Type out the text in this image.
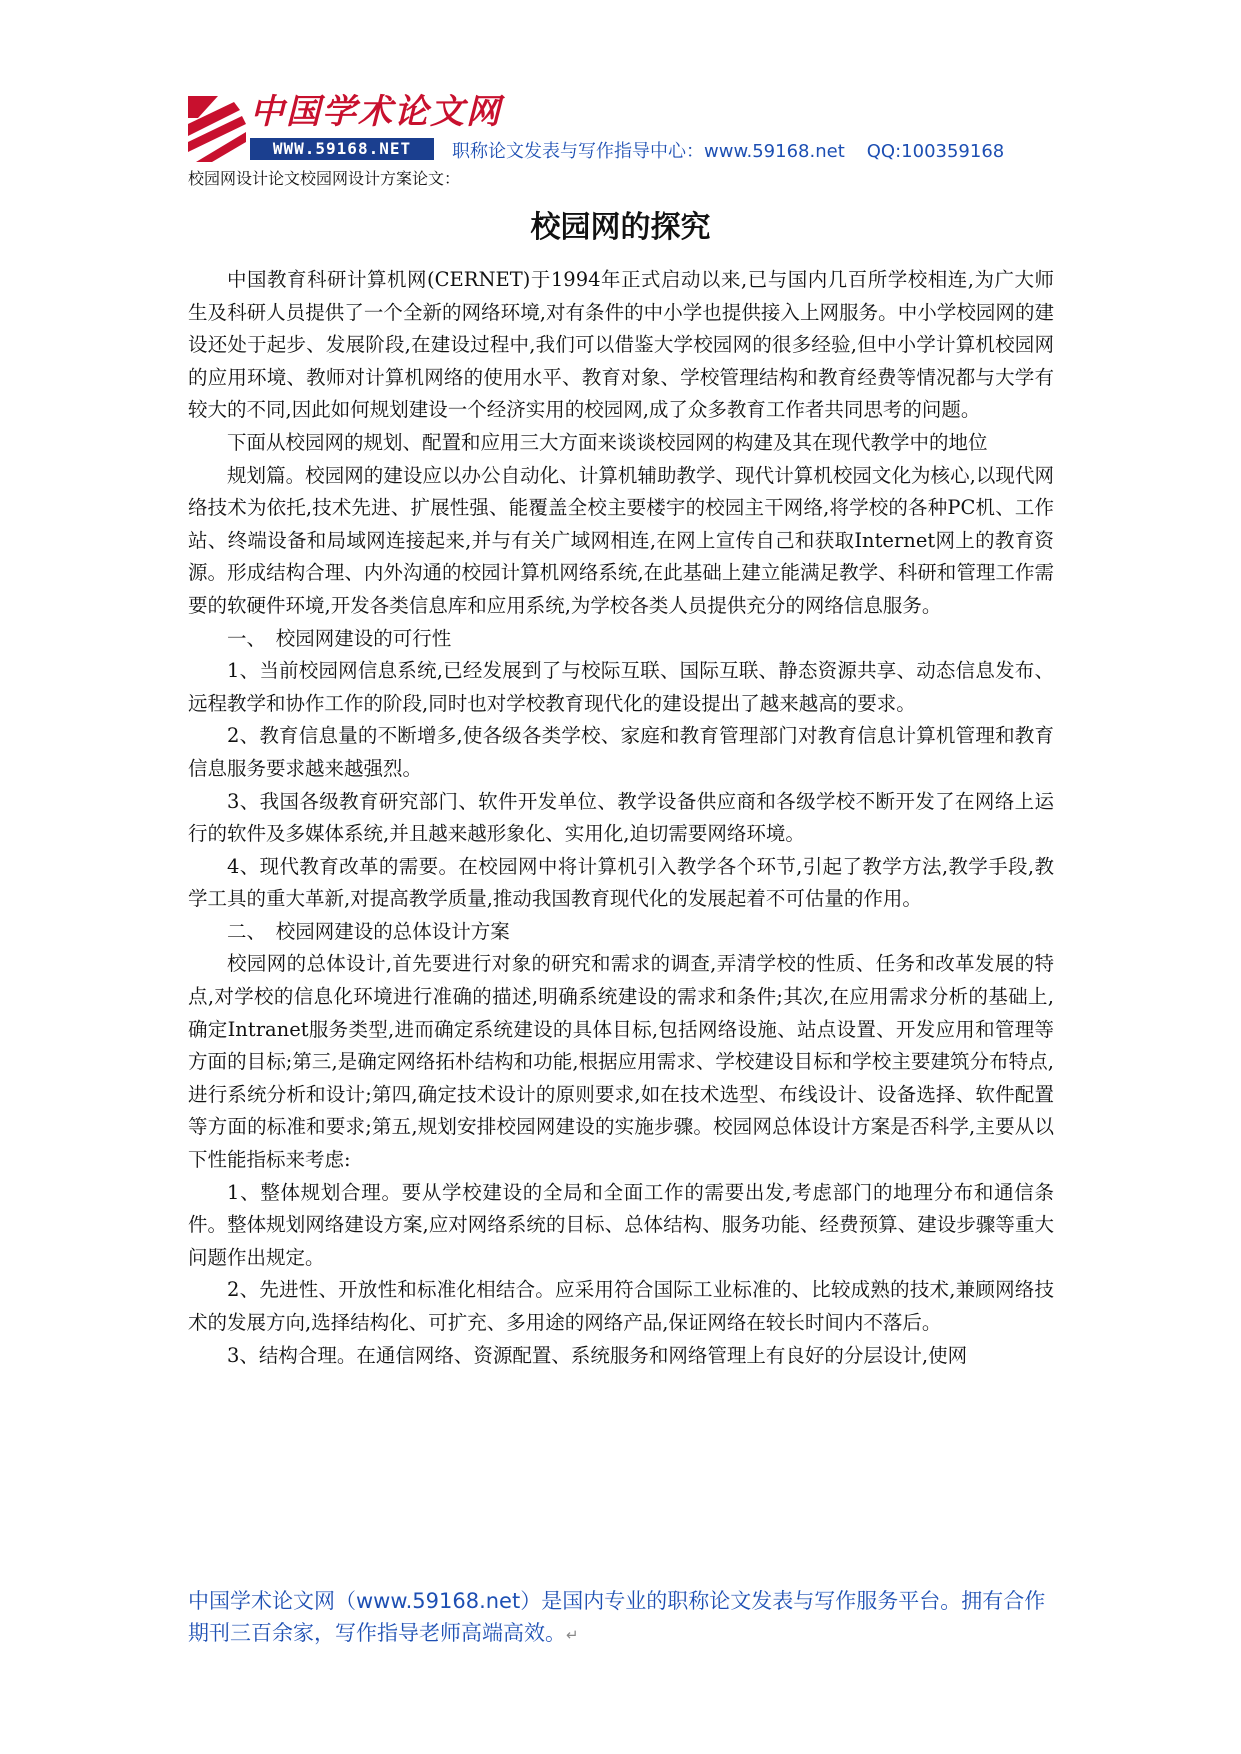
中国学术论文网
WWW.59168.NET	职称论文发表与写作指导中心：www.59168.net QQ:100359168
校园网设计论文校园网设计方案论文：
校园网的探究

中国教育科研计算机网(CERNET)于1994年正式启动以来,已与国内几百所学校相连,为广大师生及科研人员提供了一个全新的网络环境,对有条件的中小学也提供接入上网服务。中小学校园网的建设还处于起步、发展阶段,在建设过程中,我们可以借鉴大学校园网的很多经验,但中小学计算机校园网的应用环境、教师对计算机网络的使用水平、教育对象、学校管理结构和教育经费等情况都与大学有较大的不同,因此如何规划建设一个经济实用的校园网,成了众多教育工作者共同思考的问题。

下面从校园网的规划、配置和应用三大方面来谈谈校园网的构建及其在现代教学中的地位

规划篇。校园网的建设应以办公自动化、计算机辅助教学、现代计算机校园文化为核心,以现代网络技术为依托,技术先进、扩展性强、能覆盖全校主要楼宇的校园主干网络,将学校的各种PC机、工作站、终端设备和局域网连接起来,并与有关广域网相连,在网上宣传自己和获取Internet网上的教育资源。形成结构合理、内外沟通的校园计算机网络系统,在此基础上建立能满足教学、科研和管理工作需要的软硬件环境,开发各类信息库和应用系统,为学校各类人员提供充分的网络信息服务。

一、　校园网建设的可行性

1、当前校园网信息系统,已经发展到了与校际互联、国际互联、静态资源共享、动态信息发布、远程教学和协作工作的阶段,同时也对学校教育现代化的建设提出了越来越高的要求。

2、教育信息量的不断增多,使各级各类学校、家庭和教育管理部门对教育信息计算机管理和教育信息服务要求越来越强烈。

3、我国各级教育研究部门、软件开发单位、教学设备供应商和各级学校不断开发了在网络上运行的软件及多媒体系统,并且越来越形象化、实用化,迫切需要网络环境。

4、现代教育改革的需要。在校园网中将计算机引入教学各个环节,引起了教学方法,教学手段,教学工具的重大革新,对提高教学质量,推动我国教育现代化的发展起着不可估量的作用。

二、　校园网建设的总体设计方案

校园网的总体设计,首先要进行对象的研究和需求的调查,弄清学校的性质、任务和改革发展的特点,对学校的信息化环境进行准确的描述,明确系统建设的需求和条件;其次,在应用需求分析的基础上,确定Intranet服务类型,进而确定系统建设的具体目标,包括网络设施、站点设置、开发应用和管理等方面的目标;第三,是确定网络拓朴结构和功能,根据应用需求、学校建设目标和学校主要建筑分布特点,进行系统分析和设计;第四,确定技术设计的原则要求,如在技术选型、布线设计、设备选择、软件配置等方面的标准和要求;第五,规划安排校园网建设的实施步骤。校园网总体设计方案是否科学,主要从以下性能指标来考虑:

1、整体规划合理。要从学校建设的全局和全面工作的需要出发,考虑部门的地理分布和通信条件。整体规划网络建设方案,应对网络系统的目标、总体结构、服务功能、经费预算、建设步骤等重大问题作出规定。

2、先进性、开放性和标准化相结合。应采用符合国际工业标准的、比较成熟的技术,兼顾网络技术的发展方向,选择结构化、可扩充、多用途的网络产品,保证网络在较长时间内不落后。

3、结构合理。在通信网络、资源配置、系统服务和网络管理上有良好的分层设计,使网

中国学术论文网（www.59168.net）是国内专业的职称论文发表与写作服务平台。拥有合作期刊三百余家，写作指导老师高端高效。↵
